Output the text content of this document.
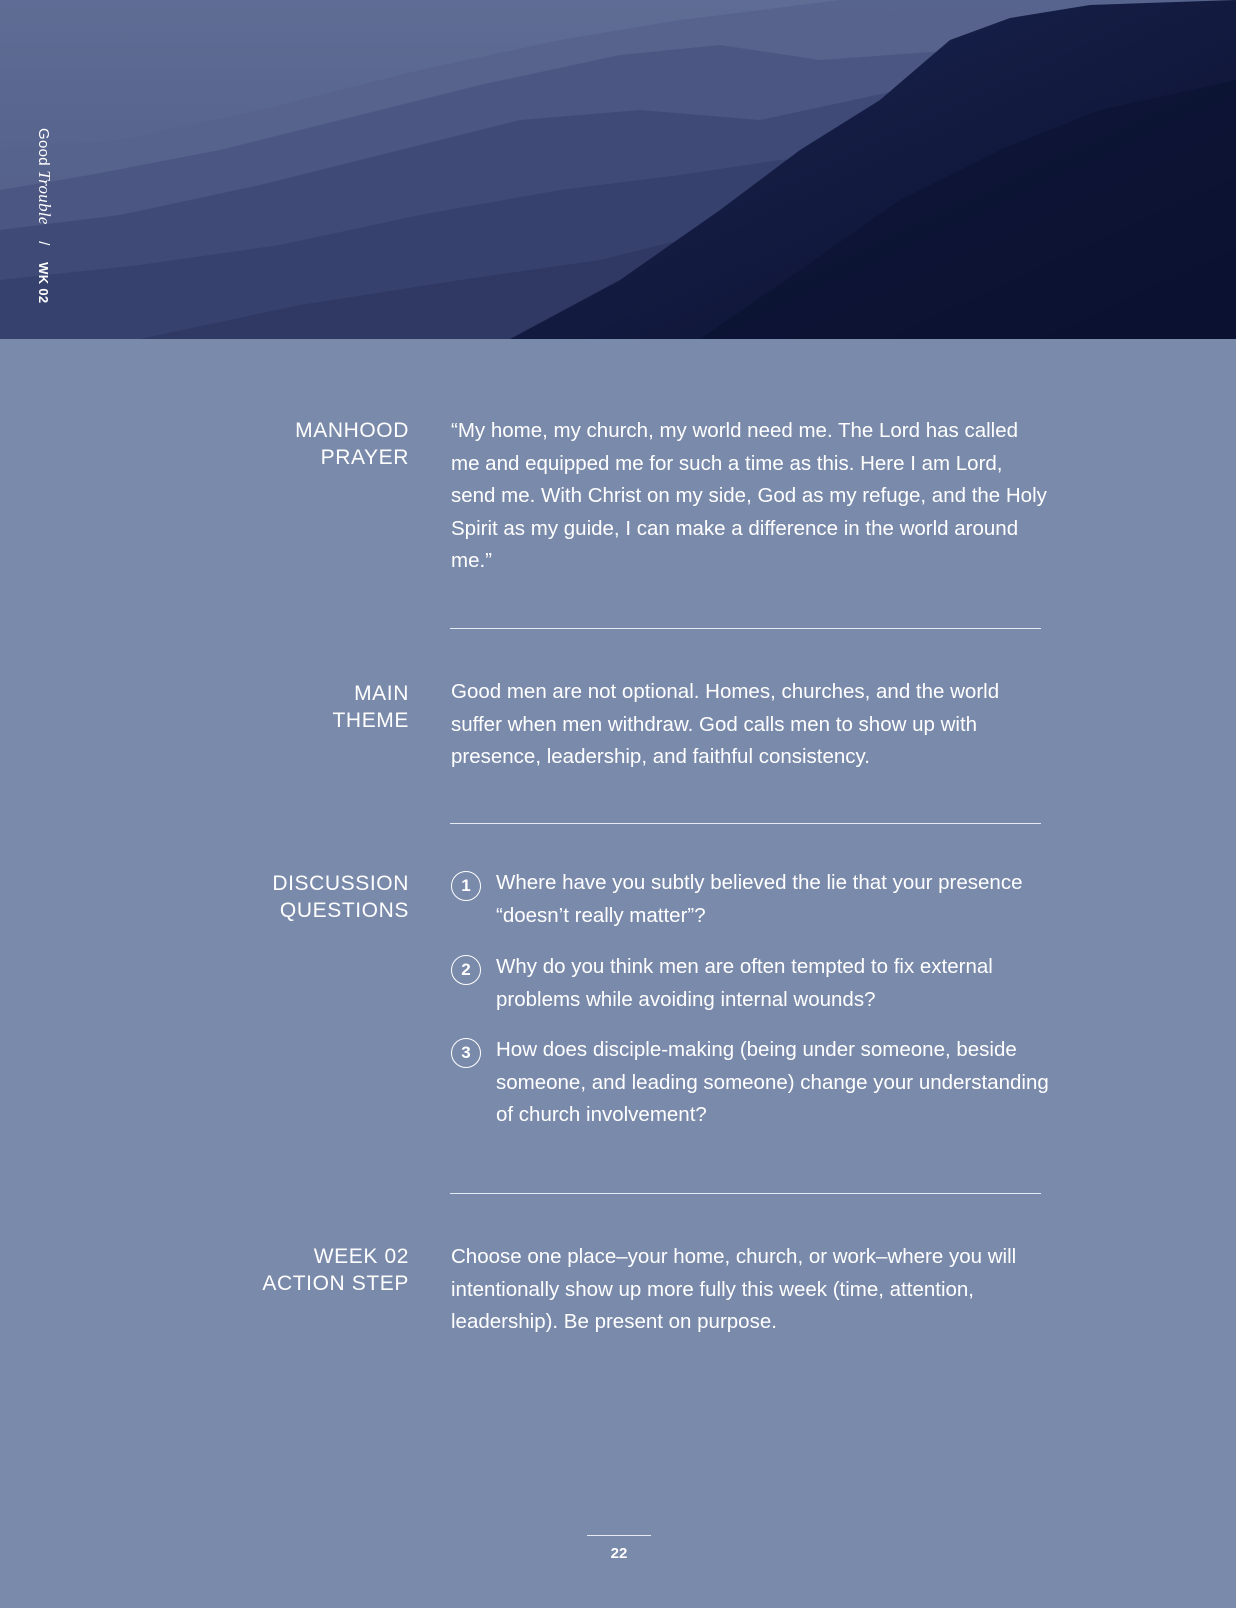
Good Trouble / WK 02
MANHOOD
PRAYER
“My home, my church, my world need me. The Lord has called me and equipped me for such a time as this. Here I am Lord, send me. With Christ on my side, God as my refuge, and the Holy Spirit as my guide, I can make a difference in the world around me.”
MAIN
THEME
Good men are not optional. Homes, churches, and the world suffer when men withdraw. God calls men to show up with presence, leadership, and faithful consistency.
DISCUSSION
QUESTIONS
1	Where have you subtly believed the lie that your presence “doesn’t really matter”?
2	Why do you think men are often tempted to fix external problems while avoiding internal wounds?
3	How does disciple-making (being under someone, beside someone, and leading someone) change your understanding of church involvement?
WEEK 02
ACTION STEP
Choose one place–your home, church, or work–where you will intentionally show up more fully this week (time, attention, leadership). Be present on purpose.
22
